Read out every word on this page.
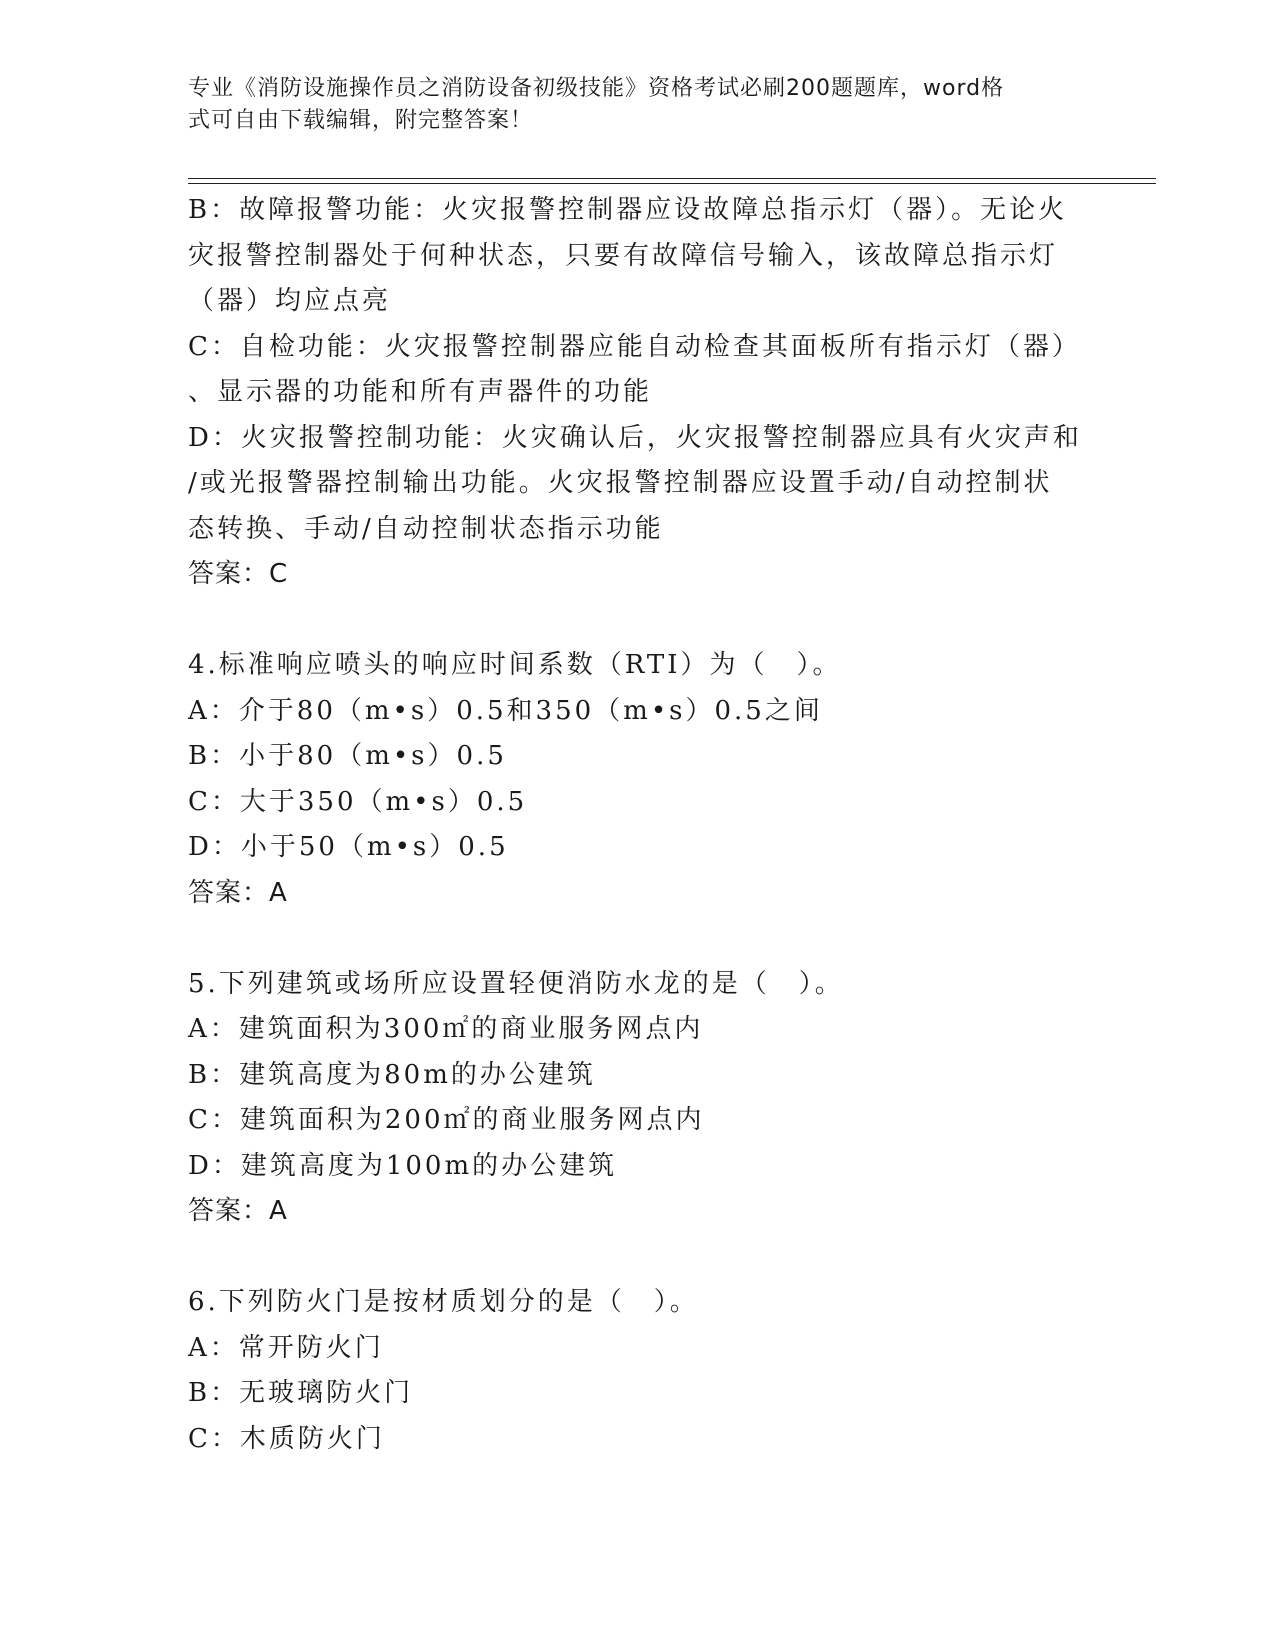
专业《消防设施操作员之消防设备初级技能》资格考试必刷200题题库，word格
式可自由下载编辑，附完整答案！
B：故障报警功能：火灾报警控制器应设故障总指示灯（器）。无论火
灾报警控制器处于何种状态，只要有故障信号输入，该故障总指示灯
（器）均应点亮
C：自检功能：火灾报警控制器应能自动检查其面板所有指示灯（器）
、显示器的功能和所有声器件的功能
D：火灾报警控制功能：火灾确认后，火灾报警控制器应具有火灾声和
/或光报警器控制输出功能。火灾报警控制器应设置手动/自动控制状
态转换、手动/自动控制状态指示功能
答案：C
4.标准响应喷头的响应时间系数（RTI）为（　）。
A：介于80（m•s）0.5和350（m•s）0.5之间
B：小于80（m•s）0.5
C：大于350（m•s）0.5
D：小于50（m•s）0.5
答案：A
5.下列建筑或场所应设置轻便消防水龙的是（　）。
A：建筑面积为300㎡的商业服务网点内
B：建筑高度为80m的办公建筑
C：建筑面积为200㎡的商业服务网点内
D：建筑高度为100m的办公建筑
答案：A
6.下列防火门是按材质划分的是（　）。
A：常开防火门
B：无玻璃防火门
C：木质防火门
